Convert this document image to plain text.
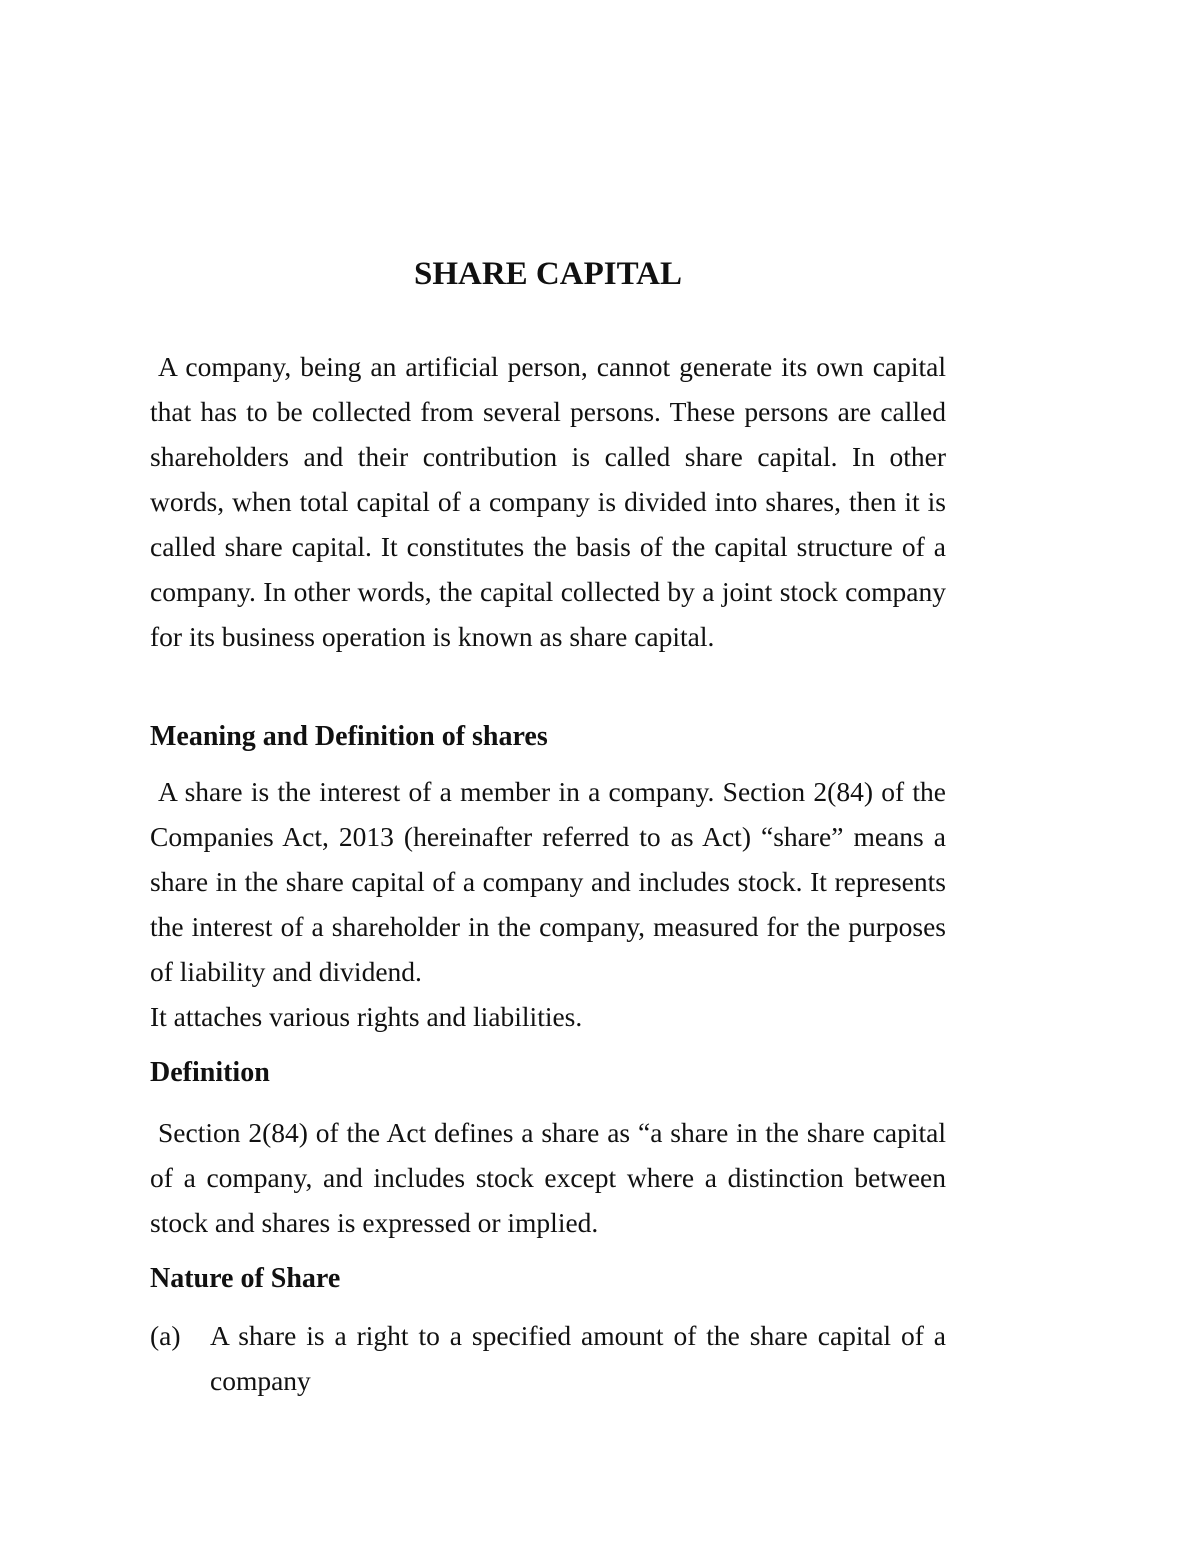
SHARE CAPITAL

A company, being an artificial person, cannot generate its own capital that has to be collected from several persons. These persons are called shareholders and their contribution is called share capital. In other words, when total capital of a company is divided into shares, then it is called share capital. It constitutes the basis of the capital structure of a company. In other words, the capital collected by a joint stock company for its business operation is known as share capital.

Meaning and Definition of shares

A share is the interest of a member in a company. Section 2(84) of the Companies Act, 2013 (hereinafter referred to as Act) “share” means a share in the share capital of a company and includes stock. It represents the interest of a shareholder in the company, measured for the purposes of liability and dividend.

It attaches various rights and liabilities.

Definition

Section 2(84) of the Act defines a share as “a share in the share capital of a company, and includes stock except where a distinction between stock and shares is expressed or implied.

Nature of Share
(a)	A share is a right to a specified amount of the share capital of a company
